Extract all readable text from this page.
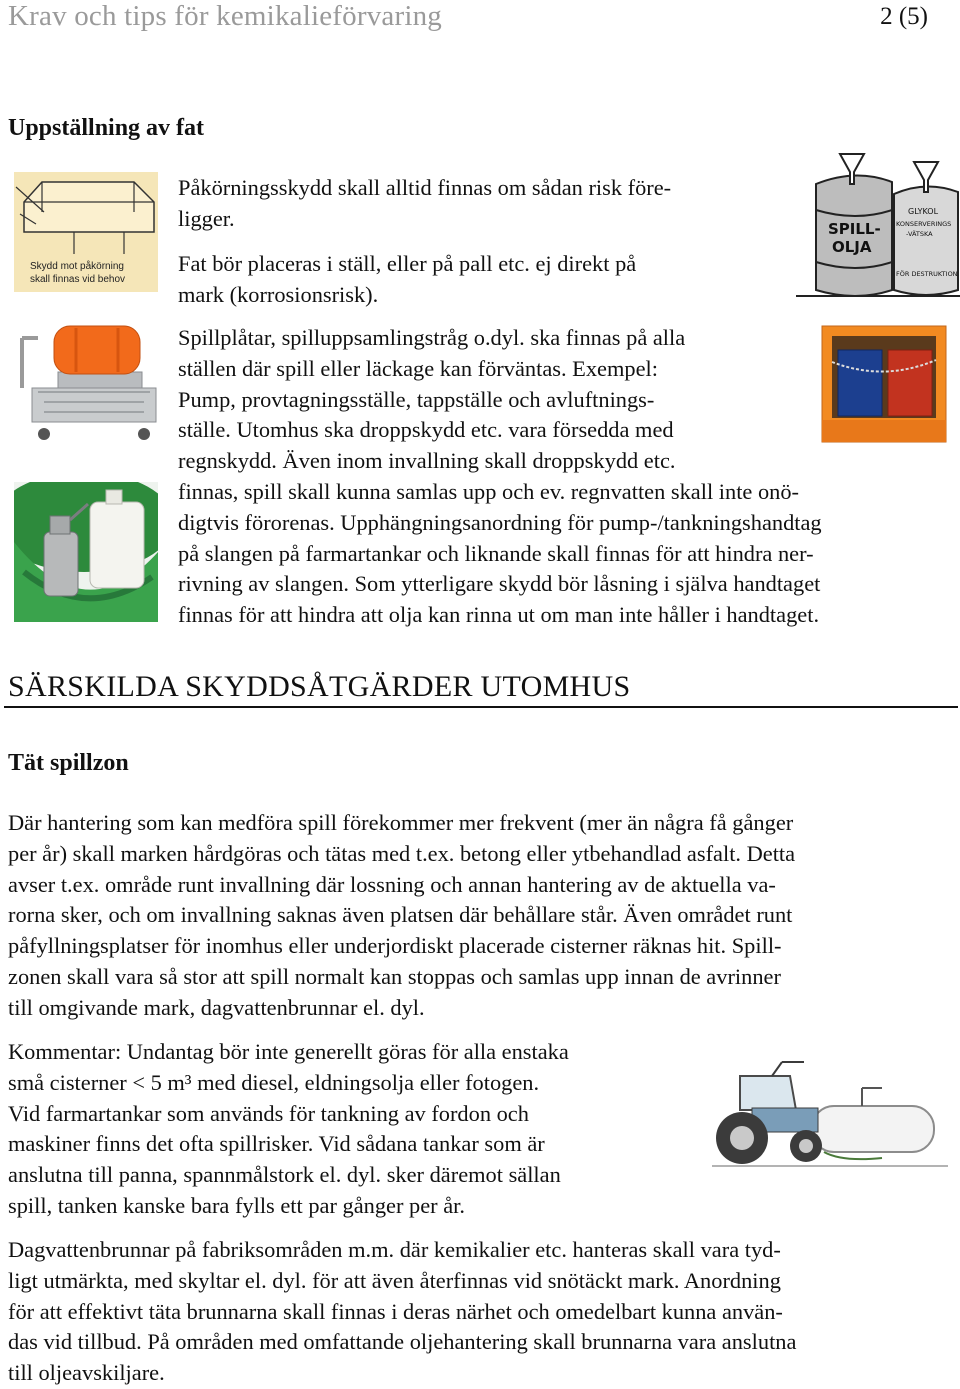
Krav och tips för kemikalieförvaring	2 (5)
Uppställning av fat
Skydd mot påkörning
skall finnas vid behov
SPILL-
OLJA
GLYKOL
KONSERVERINGS
-VÄTSKA
FÖR DESTRUKTION
Påkörningsskydd skall alltid finnas om sådan risk före-
ligger.
Fat bör placeras i ställ, eller på pall etc. ej direkt på
mark (korrosionsrisk).
Spillplåtar, spilluppsamlingstråg o.dyl. ska finnas på alla
ställen där spill eller läckage kan förväntas. Exempel:
Pump, provtagningsställe, tappställe och avluftnings-
ställe. Utomhus ska droppskydd etc. vara försedda med
regnskydd. Även inom invallning skall droppskydd etc.
finnas, spill skall kunna samlas upp och ev. regnvatten skall inte onö-
digtvis förorenas. Upphängningsanordning för pump-/tankningshandtag
på slangen på farmartankar och liknande skall finnas för att hindra ner-
rivning av slangen. Som ytterligare skydd bör låsning i själva handtaget
finnas för att hindra att olja kan rinna ut om man inte håller i handtaget.
SÄRSKILDA SKYDDSÅTGÄRDER UTOMHUS
Tät spillzon
Där hantering som kan medföra spill förekommer mer frekvent (mer än några få gånger
per år) skall marken hårdgöras och tätas med t.ex. betong eller ytbehandlad asfalt. Detta
avser t.ex. område runt invallning där lossning och annan hantering av de aktuella va-
rorna sker, och om invallning saknas även platsen där behållare står. Även området runt
påfyllningsplatser för inomhus eller underjordiskt placerade cisterner räknas hit. Spill-
zonen skall vara så stor att spill normalt kan stoppas och samlas upp innan de avrinner
till omgivande mark, dagvattenbrunnar el. dyl.
Kommentar: Undantag bör inte generellt göras för alla enstaka
små cisterner < 5 m³ med diesel, eldningsolja eller fotogen.
Vid farmartankar som används för tankning av fordon och
maskiner finns det ofta spillrisker. Vid sådana tankar som är
anslutna till panna, spannmålstork el. dyl. sker däremot sällan
spill, tanken kanske bara fylls ett par gånger per år.
Dagvattenbrunnar på fabriksområden m.m. där kemikalier etc. hanteras skall vara tyd-
ligt utmärkta, med skyltar el. dyl. för att även återfinnas vid snötäckt mark. Anordning
för att effektivt täta brunnarna skall finnas i deras närhet och omedelbart kunna använ-
das vid tillbud. På områden med omfattande oljehantering skall brunnarna vara anslutna
till oljeavskiljare.
